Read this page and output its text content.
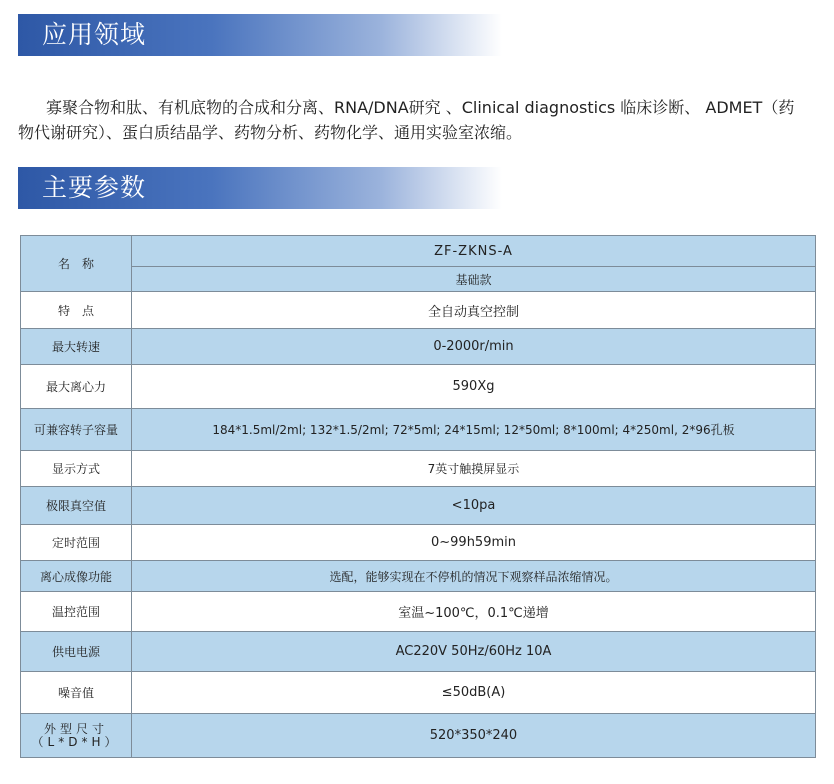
应用领域

寡聚合物和肽、有机底物的合成和分离、RNA/DNA研究 、Clinical diagnostics 临床诊断、 ADMET（药物代谢研究）、蛋白质结晶学、药物分析、药物化学、通用实验室浓缩。

主要参数
名　称	ZF-ZKNS-A
	基础款
特　点	全自动真空控制
最大转速	0-2000r/min
最大离心力	590Xg
可兼容转子容量	184*1.5ml/2ml; 132*1.5/2ml; 72*5ml; 24*15ml; 12*50ml; 8*100ml; 4*250ml, 2*96孔板
显示方式	7英寸触摸屏显示
极限真空值	<10pa
定时范围	0~99h59min
离心成像功能	选配，能够实现在不停机的情况下观察样品浓缩情况。
温控范围	室温~100℃，0.1℃递增
供电电源	AC220V 50Hz/60Hz 10A
噪音值	≤50dB(A)
外型尺寸（L*D*H）	520*350*240
